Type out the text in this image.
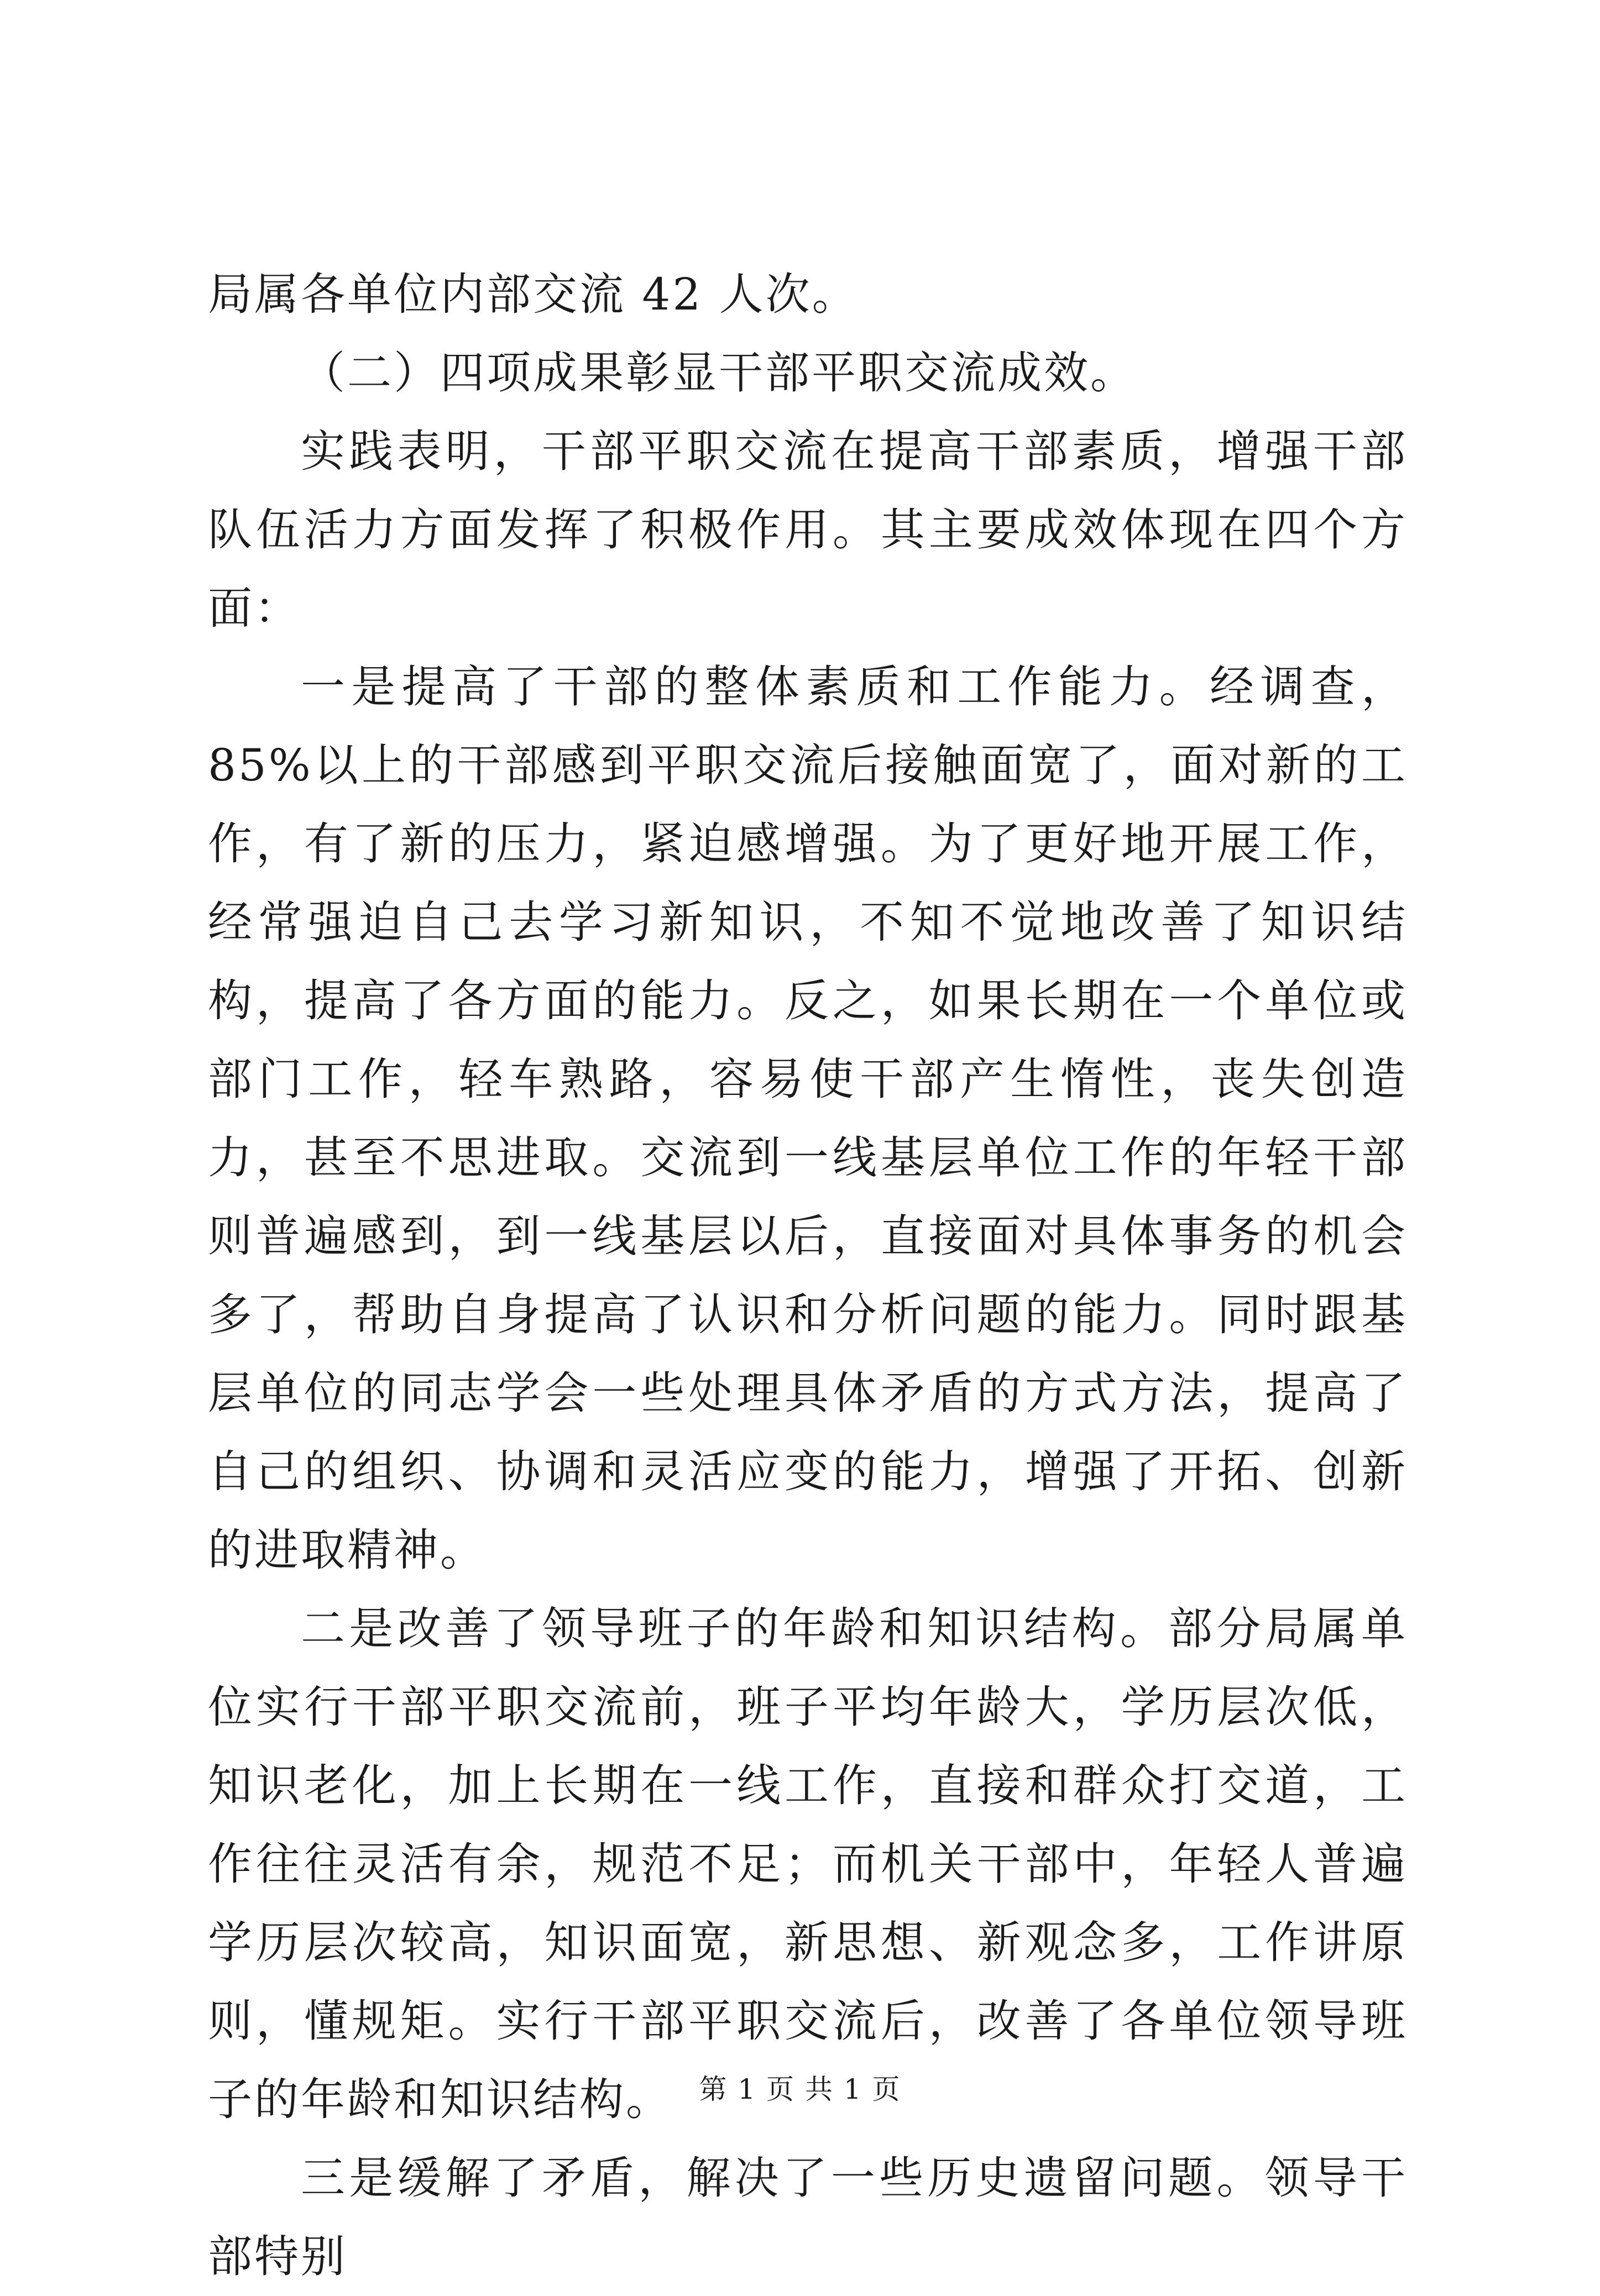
局属各单位内部交流 42 人次。

（二）四项成果彰显干部平职交流成效。

实践表明，干部平职交流在提高干部素质，增强干部队伍活力方面发挥了积极作用。其主要成效体现在四个方面：

一是提高了干部的整体素质和工作能力。经调查，85%以上的干部感到平职交流后接触面宽了，面对新的工作，有了新的压力，紧迫感增强。为了更好地开展工作，经常强迫自己去学习新知识，不知不觉地改善了知识结构，提高了各方面的能力。反之，如果长期在一个单位或部门工作，轻车熟路，容易使干部产生惰性，丧失创造力，甚至不思进取。交流到一线基层单位工作的年轻干部则普遍感到，到一线基层以后，直接面对具体事务的机会多了，帮助自身提高了认识和分析问题的能力。同时跟基层单位的同志学会一些处理具体矛盾的方式方法，提高了自己的组织、协调和灵活应变的能力，增强了开拓、创新的进取精神。

二是改善了领导班子的年龄和知识结构。部分局属单位实行干部平职交流前，班子平均年龄大，学历层次低，知识老化，加上长期在一线工作，直接和群众打交道，工作往往灵活有余，规范不足；而机关干部中，年轻人普遍学历层次较高，知识面宽，新思想、新观念多，工作讲原则，懂规矩。实行干部平职交流后，改善了各单位领导班子的年龄和知识结构。

三是缓解了矛盾，解决了一些历史遗留问题。领导干部特别

第 1 页 共 1 页
